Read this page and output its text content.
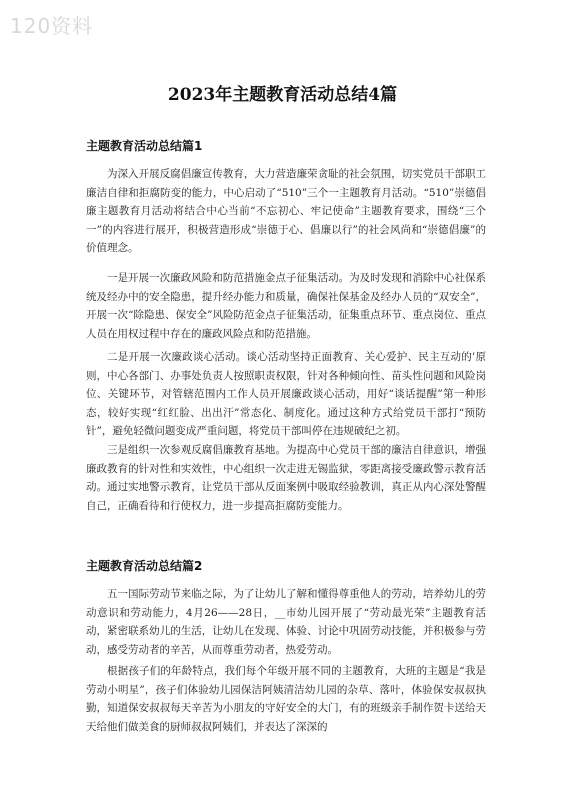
120资料
2023年主题教育活动总结4篇
主题教育活动总结篇1

为深入开展反腐倡廉宣传教育，大力营造廉荣贪耻的社会氛围，切实党员干部职工廉洁自律和拒腐防变的能力，中心启动了“510”三个一主题教育月活动。“510”崇德倡廉主题教育月活动将结合中心当前“不忘初心、牢记使命”主题教育要求，围绕“三个一”的内容进行展开，积极营造形成“崇德于心、倡廉以行”的社会风尚和“崇德倡廉”的价值理念。

一是开展一次廉政风险和防范措施金点子征集活动。为及时发现和消除中心社保系统及经办中的安全隐患，提升经办能力和质量，确保社保基金及经办人员的“双安全”，开展一次“除隐患、保安全”风险防范金点子征集活动，征集重点环节、重点岗位、重点人员在用权过程中存在的廉政风险点和防范措施。

二是开展一次廉政谈心活动。谈心活动坚持正面教育、关心爱护、民主互动的’原则，中心各部门、办事处负责人按照职责权限，针对各种倾向性、苗头性问题和风险岗位、关键环节，对管辖范围内工作人员开展廉政谈心活动，用好“谈话提醒”第一种形态，较好实现“红红脸、出出汗”常态化、制度化。通过这种方式给党员干部打“预防针”，避免轻微问题变成严重问题，将党员干部叫停在违规破纪之初。

三是组织一次参观反腐倡廉教育基地。为提高中心党员干部的廉洁自律意识，增强廉政教育的针对性和实效性，中心组织一次走进无锡监狱，零距离接受廉政警示教育活动。通过实地警示教育，让党员干部从反面案例中吸取经验教训，真正从内心深处警醒自己，正确看待和行使权力，进一步提高拒腐防变能力。

主题教育活动总结篇2

五一国际劳动节来临之际，为了让幼儿了解和懂得尊重他人的劳动，培养幼儿的劳动意识和劳动能力，4月26——28日，__市幼儿园开展了“劳动最光荣”主题教育活动，紧密联系幼儿的生活，让幼儿在发现、体验、讨论中巩固劳动技能，并积极参与劳动，感受劳动者的辛苦，从而尊重劳动者，热爱劳动。

根据孩子们的年龄特点，我们每个年级开展不同的主题教育，大班的主题是“我是劳动小明星”，孩子们体验幼儿园保洁阿姨清洁幼儿园的杂草、落叶，体验保安叔叔执勤，知道保安叔叔每天辛苦为小朋友的守好安全的大门，有的班级亲手制作贺卡送给天天给他们做美食的厨师叔叔阿姨们，并表达了深深的
